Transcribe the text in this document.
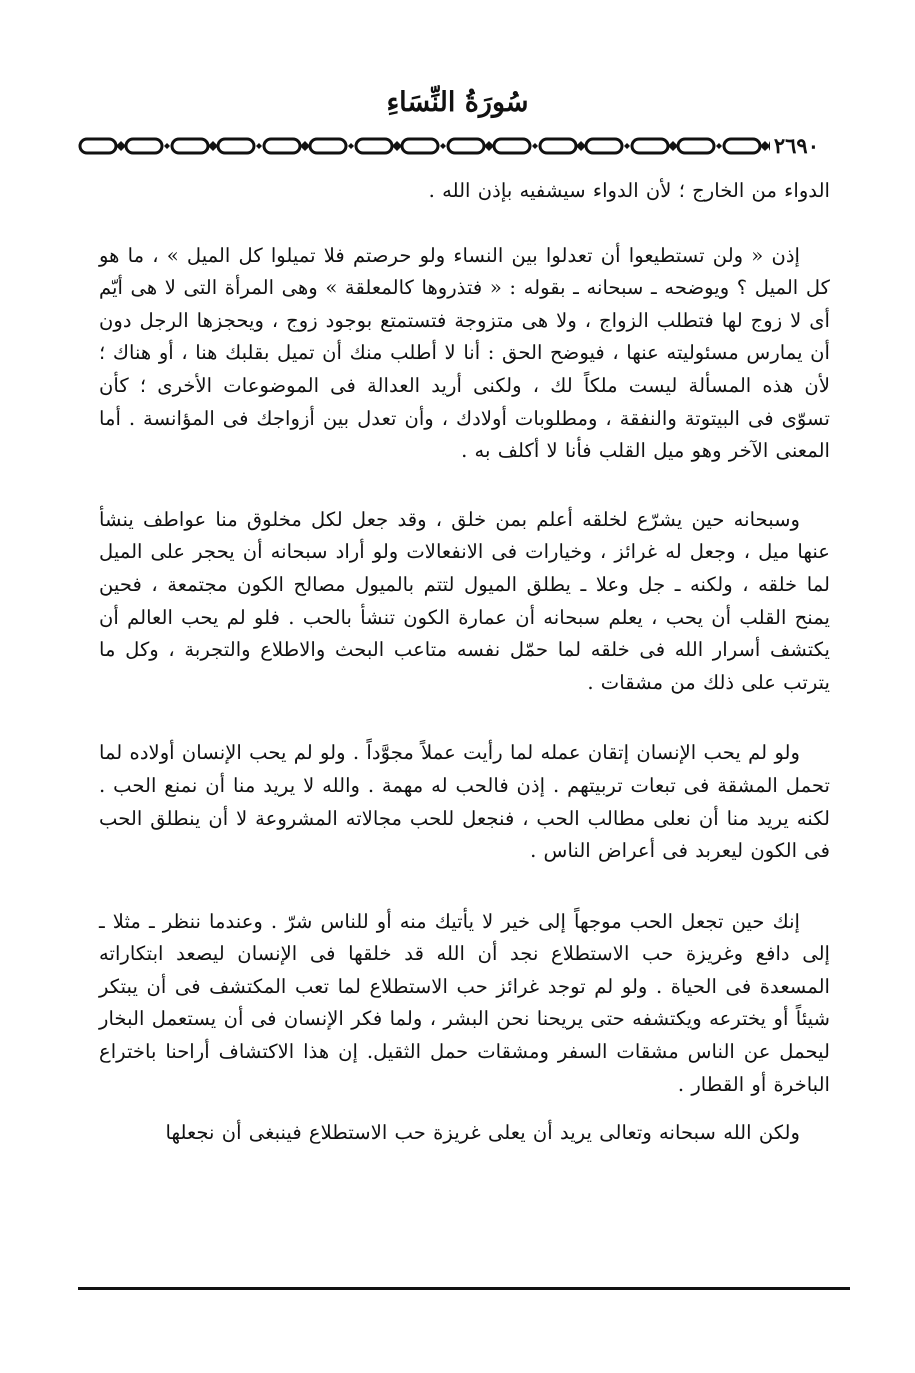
سُورَةُ النِّسَاءِ
٢٦٩٠

الدواء من الخارج ؛ لأن الدواء سيشفيه بإذن الله .

إذن « ولن تستطيعوا أن تعدلوا بين النساء ولو حرصتم فلا تميلوا كل الميل » ، ما هو كل الميل ؟ ويوضحه ـ سبحانه ـ بقوله : « فتذروها كالمعلقة » وهى المرأة التى لا هى أيّم أى لا زوج لها فتطلب الزواج ، ولا هى متزوجة فتستمتع بوجود زوج ، ويحجزها الرجل دون أن يمارس مسئوليته عنها ، فيوضح الحق : أنا لا أطلب منك أن تميل بقلبك هنا ، أو هناك ؛ لأن هذه المسألة ليست ملكاً لك ، ولكنى أريد العدالة فى الموضوعات الأخرى ؛ كأن تسوّى فى البيتوتة والنفقة ، ومطلوبات أولادك ، وأن تعدل بين أزواجك فى المؤانسة . أما المعنى الآخر وهو ميل القلب فأنا لا أكلف به .

وسبحانه حين يشرّع لخلقه أعلم بمن خلق ، وقد جعل لكل مخلوق منا عواطف ينشأ عنها ميل ، وجعل له غرائز ، وخيارات فى الانفعالات ولو أراد سبحانه أن يحجر على الميل لما خلقه ، ولكنه ـ جل وعلا ـ يطلق الميول لتتم بالميول مصالح الكون مجتمعة ، فحين يمنح القلب أن يحب ، يعلم سبحانه أن عمارة الكون تنشأ بالحب . فلو لم يحب العالم أن يكتشف أسرار الله فى خلقه لما حمّل نفسه متاعب البحث والاطلاع والتجربة ، وكل ما يترتب على ذلك من مشقات .

ولو لم يحب الإنسان إتقان عمله لما رأيت عملاً مجوَّداً . ولو لم يحب الإنسان أولاده لما تحمل المشقة فى تبعات تربيتهم . إذن فالحب له مهمة . والله لا يريد منا أن نمنع الحب . لكنه يريد منا أن نعلى مطالب الحب ، فنجعل للحب مجالاته المشروعة لا أن ينطلق الحب فى الكون ليعربد فى أعراض الناس .

إنك حين تجعل الحب موجهاً إلى خير لا يأتيك منه أو للناس شرّ . وعندما ننظر ـ مثلا ـ إلى دافع وغريزة حب الاستطلاع نجد أن الله قد خلقها فى الإنسان ليصعد ابتكاراته المسعدة فى الحياة . ولو لم توجد غرائز حب الاستطلاع لما تعب المكتشف فى أن يبتكر شيئاً أو يخترعه ويكتشفه حتى يريحنا نحن البشر ، ولما فكر الإنسان فى أن يستعمل البخار ليحمل عن الناس مشقات السفر ومشقات حمل الثقيل. إن هذا الاكتشاف أراحنا باختراع الباخرة أو القطار .

ولكن الله سبحانه وتعالى يريد أن يعلى غريزة حب الاستطلاع فينبغى أن نجعلها
